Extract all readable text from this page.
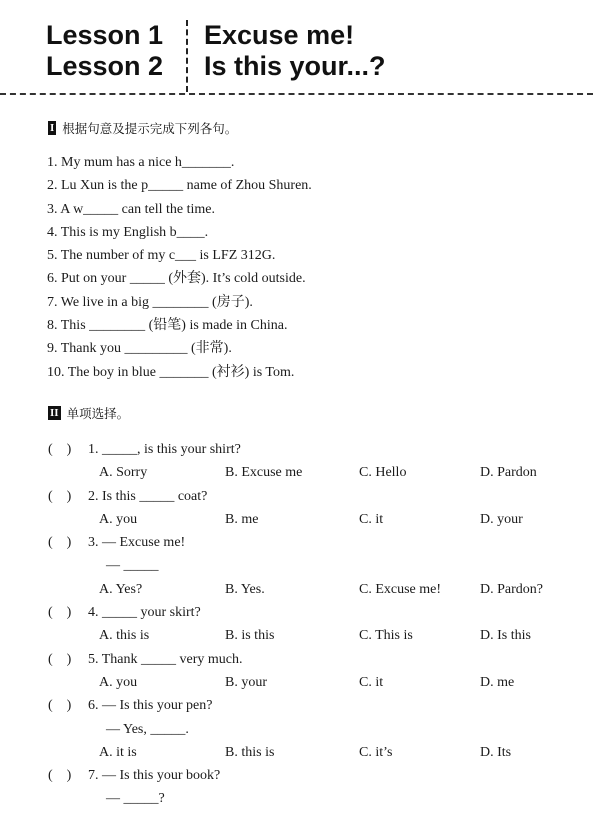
Lesson 1
Lesson 2
Excuse me!
Is this your...?
I 根据句意及提示完成下列各句。
1. My mum has a nice h_______.
2. Lu Xun is the p_____ name of Zhou Shuren.
3. A w_____ can tell the time.
4. This is my English b____.
5. The number of my c___ is LFZ 312G.
6. Put on your _____ (外套). It’s cold outside.
7. We live in a big ________ (房子).
8. This ________ (铅笔) is made in China.
9. Thank you _________ (非常).
10. The boy in blue _______ (衬衫) is Tom.
II 单项选择。
(    ) 1. _____, is this your shirt?
A. Sorry	B. Excuse me	C. Hello	D. Pardon
(    ) 2. Is this _____ coat?
A. you	B. me	C. it	D. your
(    ) 3. — Excuse me!
— _____
A. Yes?	B. Yes.	C. Excuse me!	D. Pardon?
(    ) 4. _____ your skirt?
A. this is	B. is this	C. This is	D. Is this
(    ) 5. Thank _____ very much.
A. you	B. your	C. it	D. me
(    ) 6. — Is this your pen?
— Yes, _____.
A. it is	B. this is	C. it’s	D. Its
(    ) 7. — Is this your book?
— _____?
